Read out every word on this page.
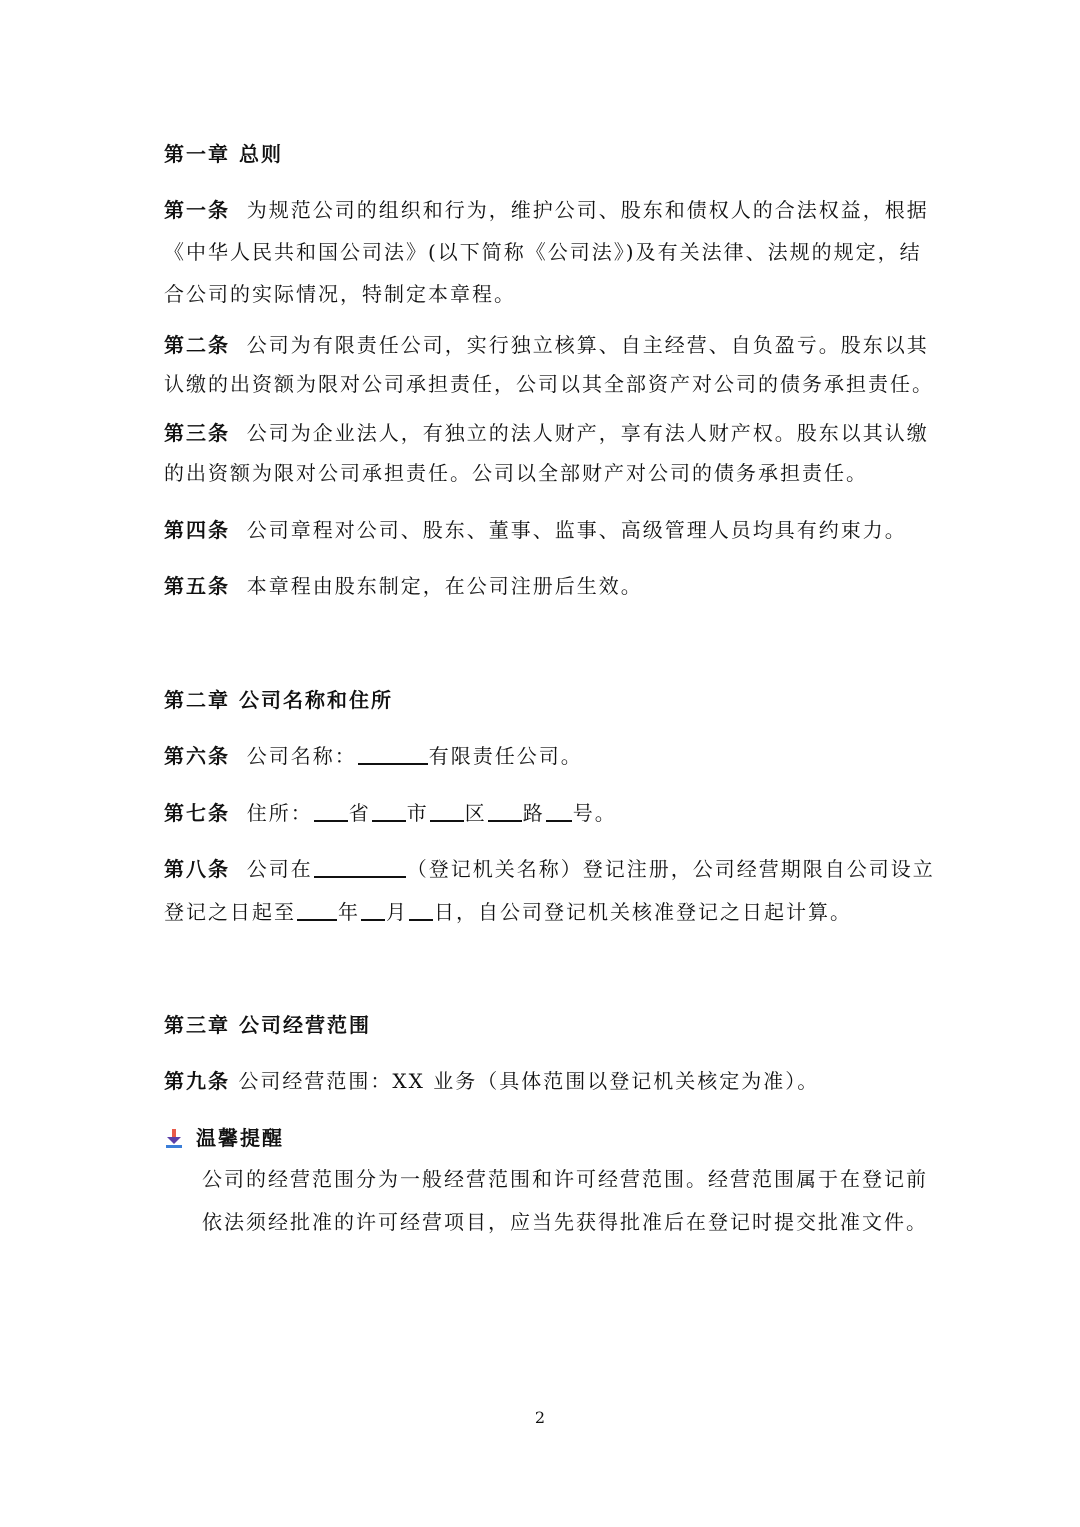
第一章 总则
第一条 为规范公司的组织和行为，维护公司、股东和债权人的合法权益，根据
《中华人民共和国公司法》(以下简称《公司法》)及有关法律、法规的规定，结
合公司的实际情况，特制定本章程。
第二条 公司为有限责任公司，实行独立核算、自主经营、自负盈亏。股东以其
认缴的出资额为限对公司承担责任，公司以其全部资产对公司的债务承担责任。
第三条 公司为企业法人，有独立的法人财产，享有法人财产权。股东以其认缴
的出资额为限对公司承担责任。公司以全部财产对公司的债务承担责任。
第四条 公司章程对公司、股东、董事、监事、高级管理人员均具有约束力。
第五条 本章程由股东制定，在公司注册后生效。
第二章 公司名称和住所
第六条 公司名称：	有限责任公司。
第七条 住所： 省 市 区 路 号。
第八条 公司在	（登记机关名称）登记注册，公司经营期限自公司设立
登记之日起至 年 月 日，自公司登记机关核准登记之日起计算。
第三章 公司经营范围
第九条 公司经营范围：XX 业务（具体范围以登记机关核定为准）。
温馨提醒
公司的经营范围分为一般经营范围和许可经营范围。经营范围属于在登记前
依法须经批准的许可经营项目，应当先获得批准后在登记时提交批准文件。
2
